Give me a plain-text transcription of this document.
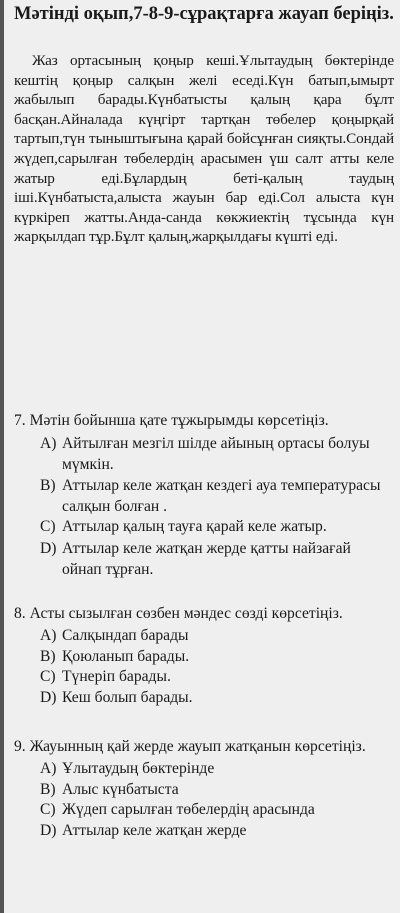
Мәтінді оқып,7-8-9-сұрақтарға жауап беріңіз.
Жаз ортасының қоңыр кеші.Ұлытаудың бөктерінде кештің қоңыр салқын желі еседі.Күн батып,ымырт жабылып барады.Күнбатысты қалың қара бұлт басқан.Айналада күңгірт тартқан төбелер қоңырқай тартып,түн тыныштығына қарай бойсұнған сияқты.Сондай жүдеп,сарылған төбелердің арасымен үш салт атты келе жатыр еді.Бұлардың беті-қалың таудың іші.Күнбатыста,алыста жауын бар еді.Сол алыста күн күркіреп жатты.Анда-санда көкжиектің тұсында күн жарқылдап тұр.Бұлт қалың,жарқылдағы күшті еді.
7. Мәтін бойынша қате тұжырымды көрсетіңіз.
A) Айтылған мезгіл шілде айының ортасы болуы мүмкін.
B) Аттылар келе жатқан кездегі ауа температурасы салқын болған .
C) Аттылар қалың тауға қарай келе жатыр.
D) Аттылар келе жатқан жерде қатты найзағай ойнап тұрған.
8. Асты сызылған сөзбен мәндес сөзді көрсетіңіз.
A) Салқындап барады
B) Қоюланып барады.
C) Түнеріп барады.
D) Кеш болып барады.
9. Жауынның қай жерде жауып жатқанын көрсетіңіз.
A) Ұлытаудың бөктерінде
B) Алыс күнбатыста
C) Жүдеп сарылған төбелердің арасында
D) Аттылар келе жатқан жерде
